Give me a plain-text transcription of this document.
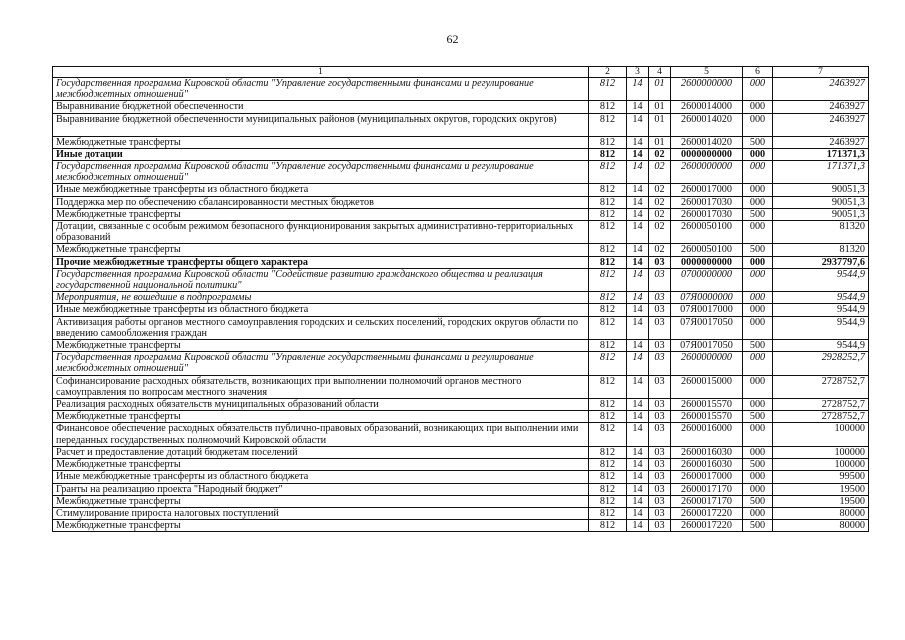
62
1	2	3	4	5	6	7
Государственная программа Кировской области "Управление государственными финансами и регулирование межбюджетных отношений"	812	14	01	2600000000	000	2463927
Выравнивание бюджетной обеспеченности	812	14	01	2600014000	000	2463927
Выравнивание бюджетной обеспеченности муниципальных районов (муниципальных округов, городских округов)	812	14	01	2600014020	000	2463927
Межбюджетные трансферты	812	14	01	2600014020	500	2463927
Иные дотации	812	14	02	0000000000	000	171371,3
Государственная программа Кировской области "Управление государственными финансами и регулирование межбюджетных отношений"	812	14	02	2600000000	000	171371,3
Иные межбюджетные трансферты из областного бюджета	812	14	02	2600017000	000	90051,3
Поддержка мер по обеспечению сбалансированности местных бюджетов	812	14	02	2600017030	000	90051,3
Межбюджетные трансферты	812	14	02	2600017030	500	90051,3
Дотации, связанные с особым режимом безопасного функционирования закрытых административно-территориальных образований	812	14	02	2600050100	000	81320
Межбюджетные трансферты	812	14	02	2600050100	500	81320
Прочие межбюджетные трансферты общего характера	812	14	03	0000000000	000	2937797,6
Государственная программа Кировской области "Содействие развитию гражданского общества и реализация государственной национальной политики"	812	14	03	0700000000	000	9544,9
Мероприятия, не вошедшие в подпрограммы	812	14	03	07Я0000000	000	9544,9
Иные межбюджетные трансферты из областного бюджета	812	14	03	07Я0017000	000	9544,9
Активизация работы органов местного самоуправления городских и сельских поселений, городских округов области по введению самообложения граждан	812	14	03	07Я0017050	000	9544,9
Межбюджетные трансферты	812	14	03	07Я0017050	500	9544,9
Государственная программа Кировской области "Управление государственными финансами и регулирование межбюджетных отношений"	812	14	03	2600000000	000	2928252,7
Софинансирование расходных обязательств, возникающих при выполнении полномочий органов местного самоуправления по вопросам местного значения	812	14	03	2600015000	000	2728752,7
Реализация расходных обязательств муниципальных образований области	812	14	03	2600015570	000	2728752,7
Межбюджетные трансферты	812	14	03	2600015570	500	2728752,7
Финансовое обеспечение расходных обязательств публично-правовых образований, возникающих при выполнении ими переданных государственных полномочий Кировской области	812	14	03	2600016000	000	100000
Расчет и предоставление дотаций бюджетам поселений	812	14	03	2600016030	000	100000
Межбюджетные трансферты	812	14	03	2600016030	500	100000
Иные межбюджетные трансферты из областного бюджета	812	14	03	2600017000	000	99500
Гранты на реализацию проекта "Народный бюджет"	812	14	03	2600017170	000	19500
Межбюджетные трансферты	812	14	03	2600017170	500	19500
Стимулирование прироста налоговых поступлений	812	14	03	2600017220	000	80000
Межбюджетные трансферты	812	14	03	2600017220	500	80000
